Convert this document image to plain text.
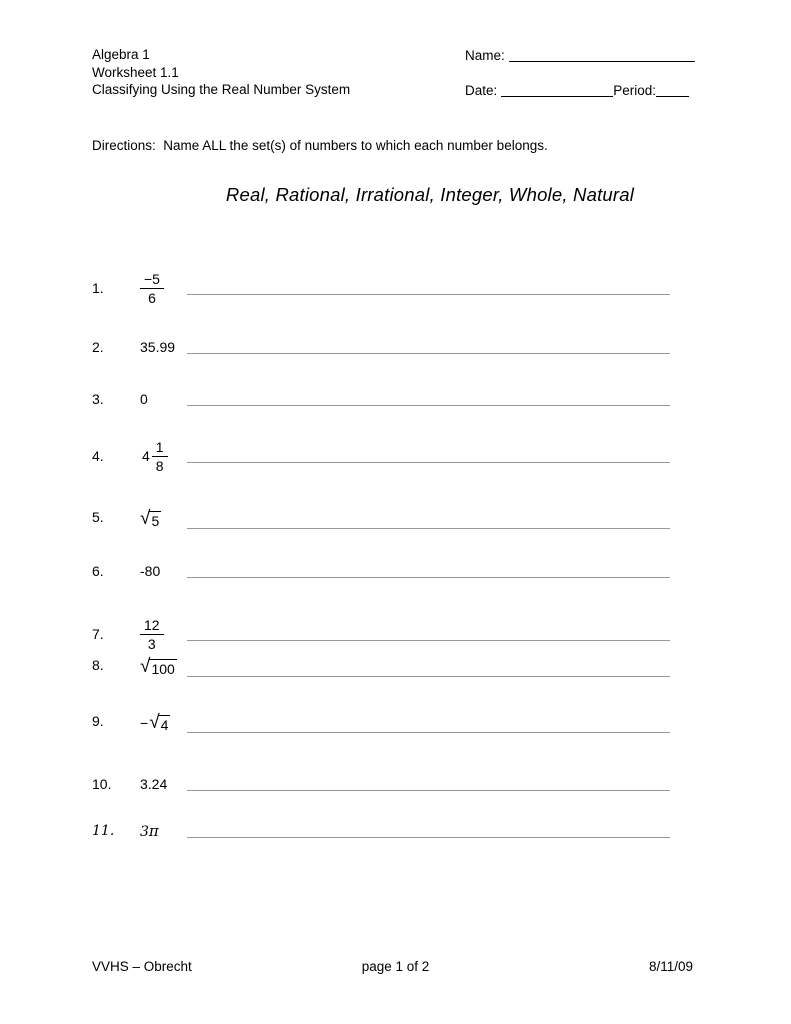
Algebra 1
Worksheet 1.1
Classifying Using the Real Number System
Name:
Date:	Period:
Directions:  Name ALL the set(s) of numbers to which each number belongs.
Real, Rational, Irrational, Integer, Whole, Natural
1.	$\frac{-5}{6}$
2.	35.99
3.	0
4.	$4 \frac{1}{8}$
5.	√ 5
6.	-80
7.	$\frac{12}{3}$
8.	√ 100
9.	− √ 4
10.	3.24
11.	3π
VVHS – Obrecht	page 1 of 2	8/11/09
